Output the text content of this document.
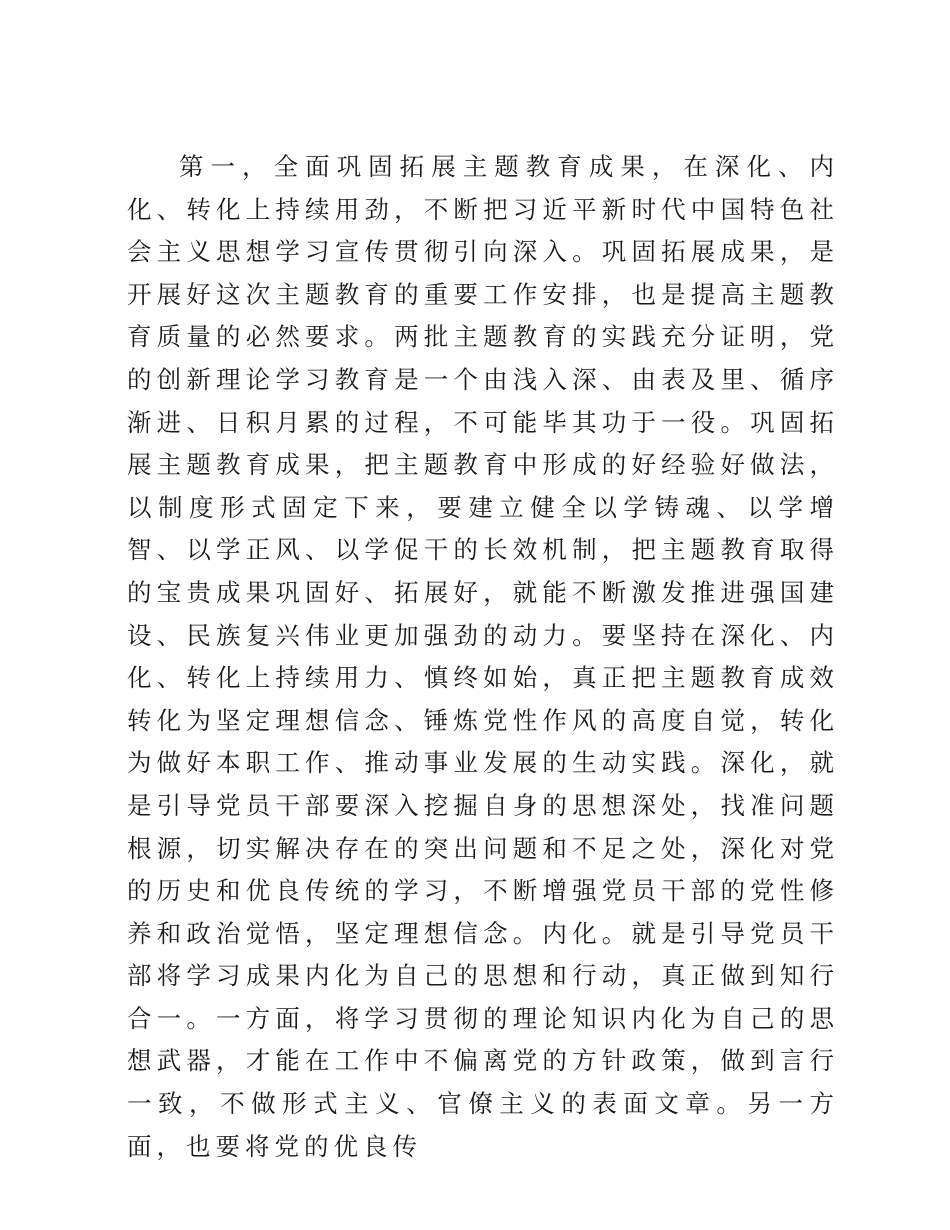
第一，全面巩固拓展主题教育成果，在深化、内化、转化上持续用劲，不断把习近平新时代中国特色社会主义思想学习宣传贯彻引向深入。巩固拓展成果，是开展好这次主题教育的重要工作安排，也是提高主题教育质量的必然要求。两批主题教育的实践充分证明，党的创新理论学习教育是一个由浅入深、由表及里、循序渐进、日积月累的过程，不可能毕其功于一役。巩固拓展主题教育成果，把主题教育中形成的好经验好做法，以制度形式固定下来，要建立健全以学铸魂、以学增智、以学正风、以学促干的长效机制，把主题教育取得的宝贵成果巩固好、拓展好，就能不断激发推进强国建设、民族复兴伟业更加强劲的动力。要坚持在深化、内化、转化上持续用力、慎终如始，真正把主题教育成效转化为坚定理想信念、锤炼党性作风的高度自觉，转化为做好本职工作、推动事业发展的生动实践。深化，就是引导党员干部要深入挖掘自身的思想深处，找准问题根源，切实解决存在的突出问题和不足之处，深化对党的历史和优良传统的学习，不断增强党员干部的党性修养和政治觉悟，坚定理想信念。内化。就是引导党员干部将学习成果内化为自己的思想和行动，真正做到知行合一。一方面，将学习贯彻的理论知识内化为自己的思想武器，才能在工作中不偏离党的方针政策，做到言行一致，不做形式主义、官僚主义的表面文章。另一方面，也要将党的优良传
